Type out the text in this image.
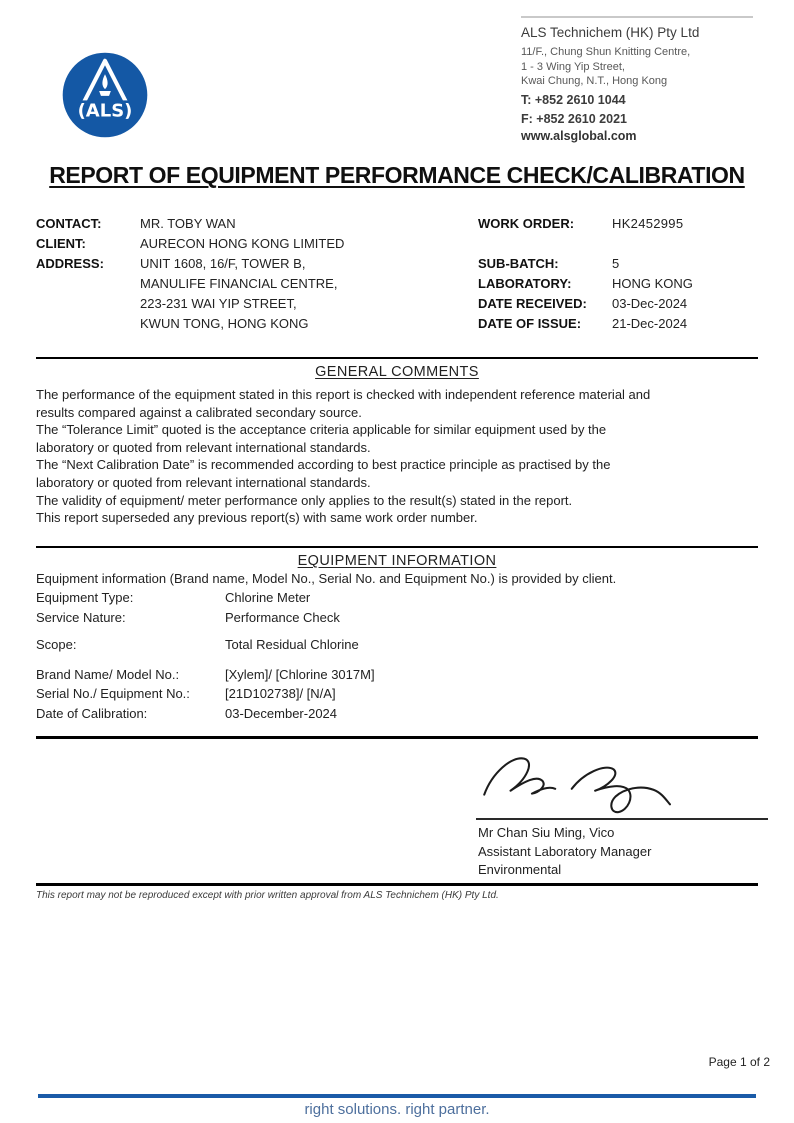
(ALS)
ALS Technichem (HK) Pty Ltd
11/F., Chung Shun Knitting Centre,
1 - 3 Wing Yip Street,
Kwai Chung, N.T., Hong Kong
T: +852 2610 1044
F: +852 2610 2021
www.alsglobal.com
REPORT OF EQUIPMENT PERFORMANCE CHECK/CALIBRATION
CONTACT:	MR. TOBY WAN
CLIENT:	AURECON HONG KONG LIMITED
ADDRESS:	UNIT 1608, 16/F, TOWER B,
MANULIFE FINANCIAL CENTRE,
223-231 WAI YIP STREET,
KWUN TONG, HONG KONG
WORK ORDER:	HK2452995
SUB-BATCH:	5
LABORATORY:	HONG KONG
DATE RECEIVED:	03-Dec-2024
DATE OF ISSUE:	21-Dec-2024
GENERAL COMMENTS
The performance of the equipment stated in this report is checked with independent reference material and
results compared against a calibrated secondary source.
The “Tolerance Limit” quoted is the acceptance criteria applicable for similar equipment used by the
laboratory or quoted from relevant international standards.
The “Next Calibration Date” is recommended according to best practice principle as practised by the
laboratory or quoted from relevant international standards.
The validity of equipment/ meter performance only applies to the result(s) stated in the report.
This report superseded any previous report(s) with same work order number.
EQUIPMENT INFORMATION
Equipment information (Brand name, Model No., Serial No. and Equipment No.) is provided by client.
Equipment Type:	Chlorine Meter
Service Nature:	Performance Check
Scope:	Total Residual Chlorine
Brand Name/ Model No.:	[Xylem]/ [Chlorine 3017M]
Serial No./ Equipment No.:	[21D102738]/ [N/A]
Date of Calibration:	03-December-2024
Mr Chan Siu Ming, Vico
Assistant Laboratory Manager
Environmental
This report may not be reproduced except with prior written approval from ALS Technichem (HK) Pty Ltd.
Page 1 of 2
right solutions. right partner.
